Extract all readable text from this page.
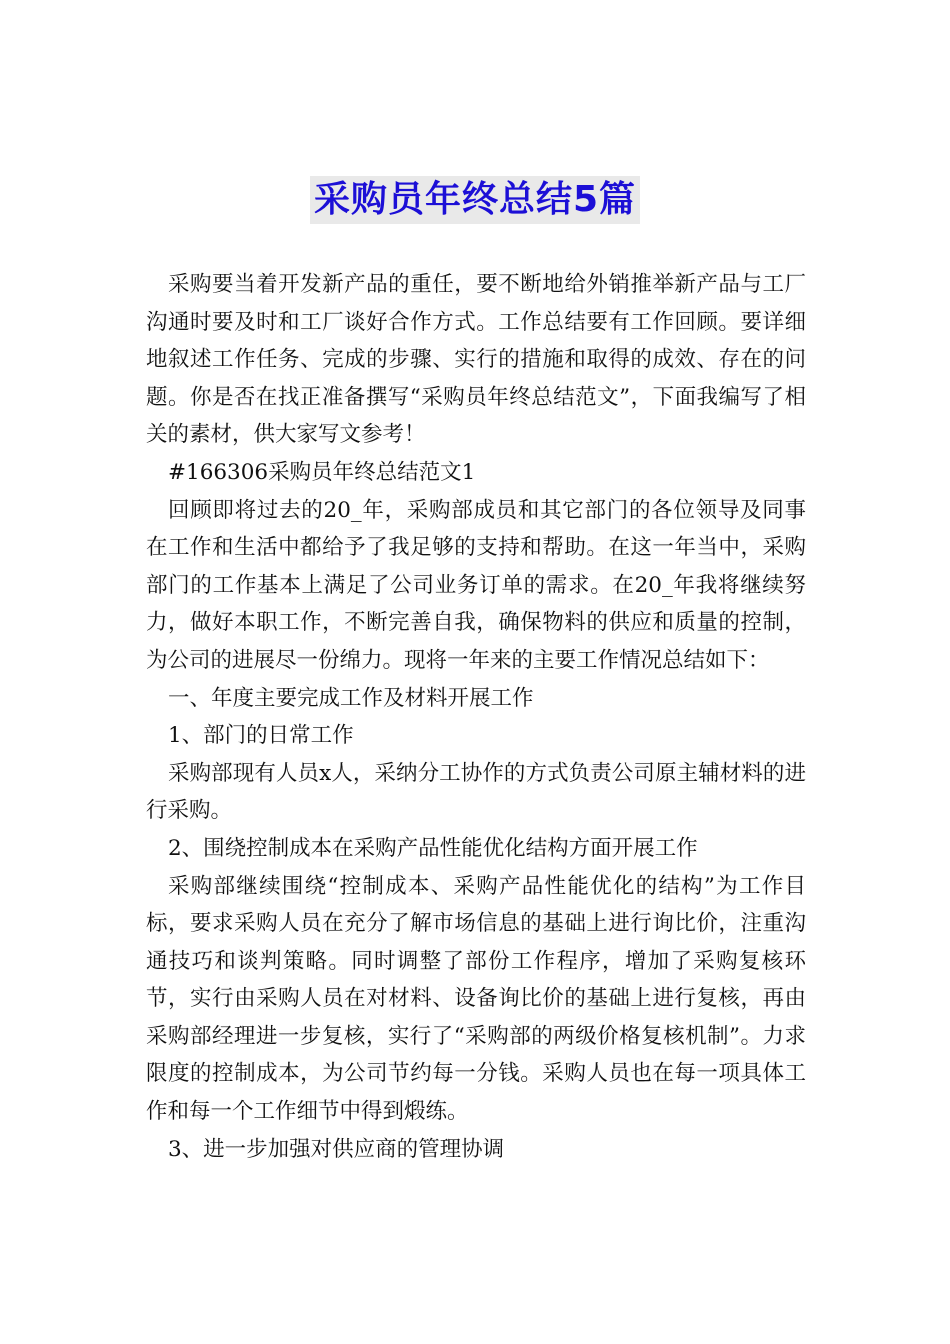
采购员年终总结5篇

采购要当着开发新产品的重任，要不断地给外销推举新产品与工厂沟通时要及时和工厂谈好合作方式。工作总结要有工作回顾。要详细地叙述工作任务、完成的步骤、实行的措施和取得的成效、存在的问题。你是否在找正准备撰写“采购员年终总结范文”，下面我编写了相关的素材，供大家写文参考！

#166306采购员年终总结范文1

回顾即将过去的20_年，采购部成员和其它部门的各位领导及同事在工作和生活中都给予了我足够的支持和帮助。在这一年当中，采购部门的工作基本上满足了公司业务订单的需求。在20_年我将继续努力，做好本职工作，不断完善自我，确保物料的供应和质量的控制，为公司的进展尽一份绵力。现将一年来的主要工作情况总结如下：

一、年度主要完成工作及材料开展工作

1、部门的日常工作

采购部现有人员x人，采纳分工协作的方式负责公司原主辅材料的进行采购。

2、围绕控制成本在采购产品性能优化结构方面开展工作

采购部继续围绕“控制成本、采购产品性能优化的结构”为工作目标，要求采购人员在充分了解市场信息的基础上进行询比价，注重沟通技巧和谈判策略。同时调整了部份工作程序，增加了采购复核环节，实行由采购人员在对材料、设备询比价的基础上进行复核，再由采购部经理进一步复核，实行了“采购部的两级价格复核机制”。力求限度的控制成本，为公司节约每一分钱。采购人员也在每一项具体工作和每一个工作细节中得到煅练。

3、进一步加强对供应商的管理协调
